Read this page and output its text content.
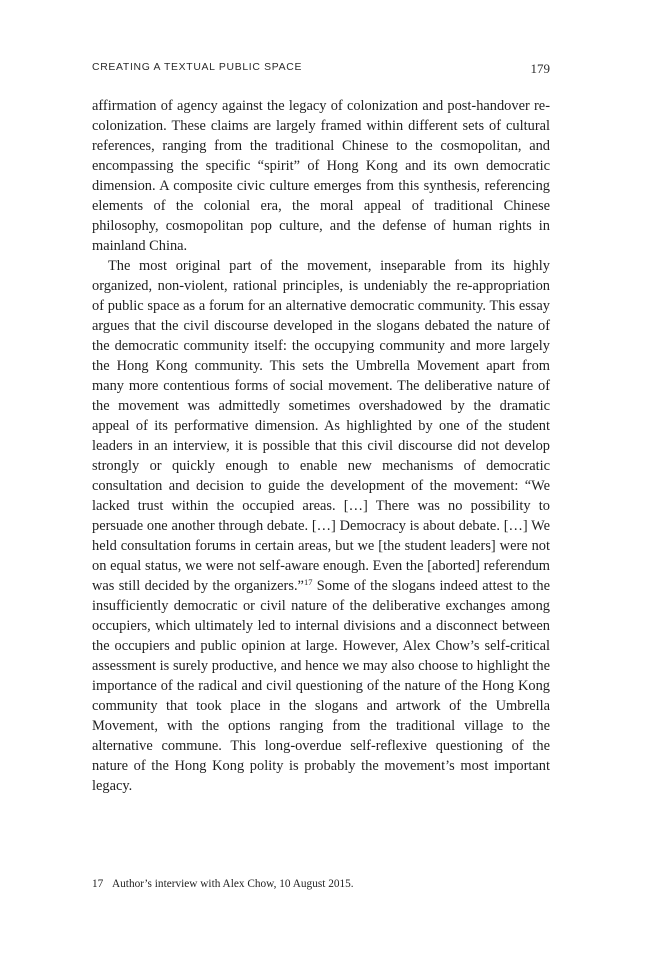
CREATING A TEXTUAL PUBLIC SPACE	179

affirmation of agency against the legacy of colonization and post-handover re-colonization. These claims are largely framed within different sets of cultural references, ranging from the traditional Chinese to the cosmopolitan, and encompassing the specific “spirit” of Hong Kong and its own democratic dimension. A composite civic culture emerges from this synthesis, referencing elements of the colonial era, the moral appeal of traditional Chinese philosophy, cosmopolitan pop culture, and the defense of human rights in mainland China.

The most original part of the movement, inseparable from its highly organized, non-violent, rational principles, is undeniably the re-appropriation of public space as a forum for an alternative democratic community. This essay argues that the civil discourse developed in the slogans debated the nature of the democratic community itself: the occupying community and more largely the Hong Kong community. This sets the Umbrella Movement apart from many more contentious forms of social movement. The deliberative nature of the movement was admittedly sometimes overshadowed by the dramatic appeal of its performative dimension. As highlighted by one of the student leaders in an interview, it is possible that this civil discourse did not develop strongly or quickly enough to enable new mechanisms of democratic consultation and decision to guide the development of the movement: “We lacked trust within the occupied areas. […] There was no possibility to persuade one another through debate. […] Democracy is about debate. […] We held consultation forums in certain areas, but we [the student leaders] were not on equal status, we were not self-aware enough. Even the [aborted] referendum was still decided by the organizers.”$^{17}$ Some of the slogans indeed attest to the insufficiently democratic or civil nature of the deliberative exchanges among occupiers, which ultimately led to internal divisions and a disconnect between the occupiers and public opinion at large. However, Alex Chow’s self-critical assessment is surely productive, and hence we may also choose to highlight the importance of the radical and civil questioning of the nature of the Hong Kong community that took place in the slogans and artwork of the Umbrella Movement, with the options ranging from the traditional village to the alternative commune. This long-overdue self-reflexive questioning of the nature of the Hong Kong polity is probably the movement’s most important legacy.

17 Author’s interview with Alex Chow, 10 August 2015.
